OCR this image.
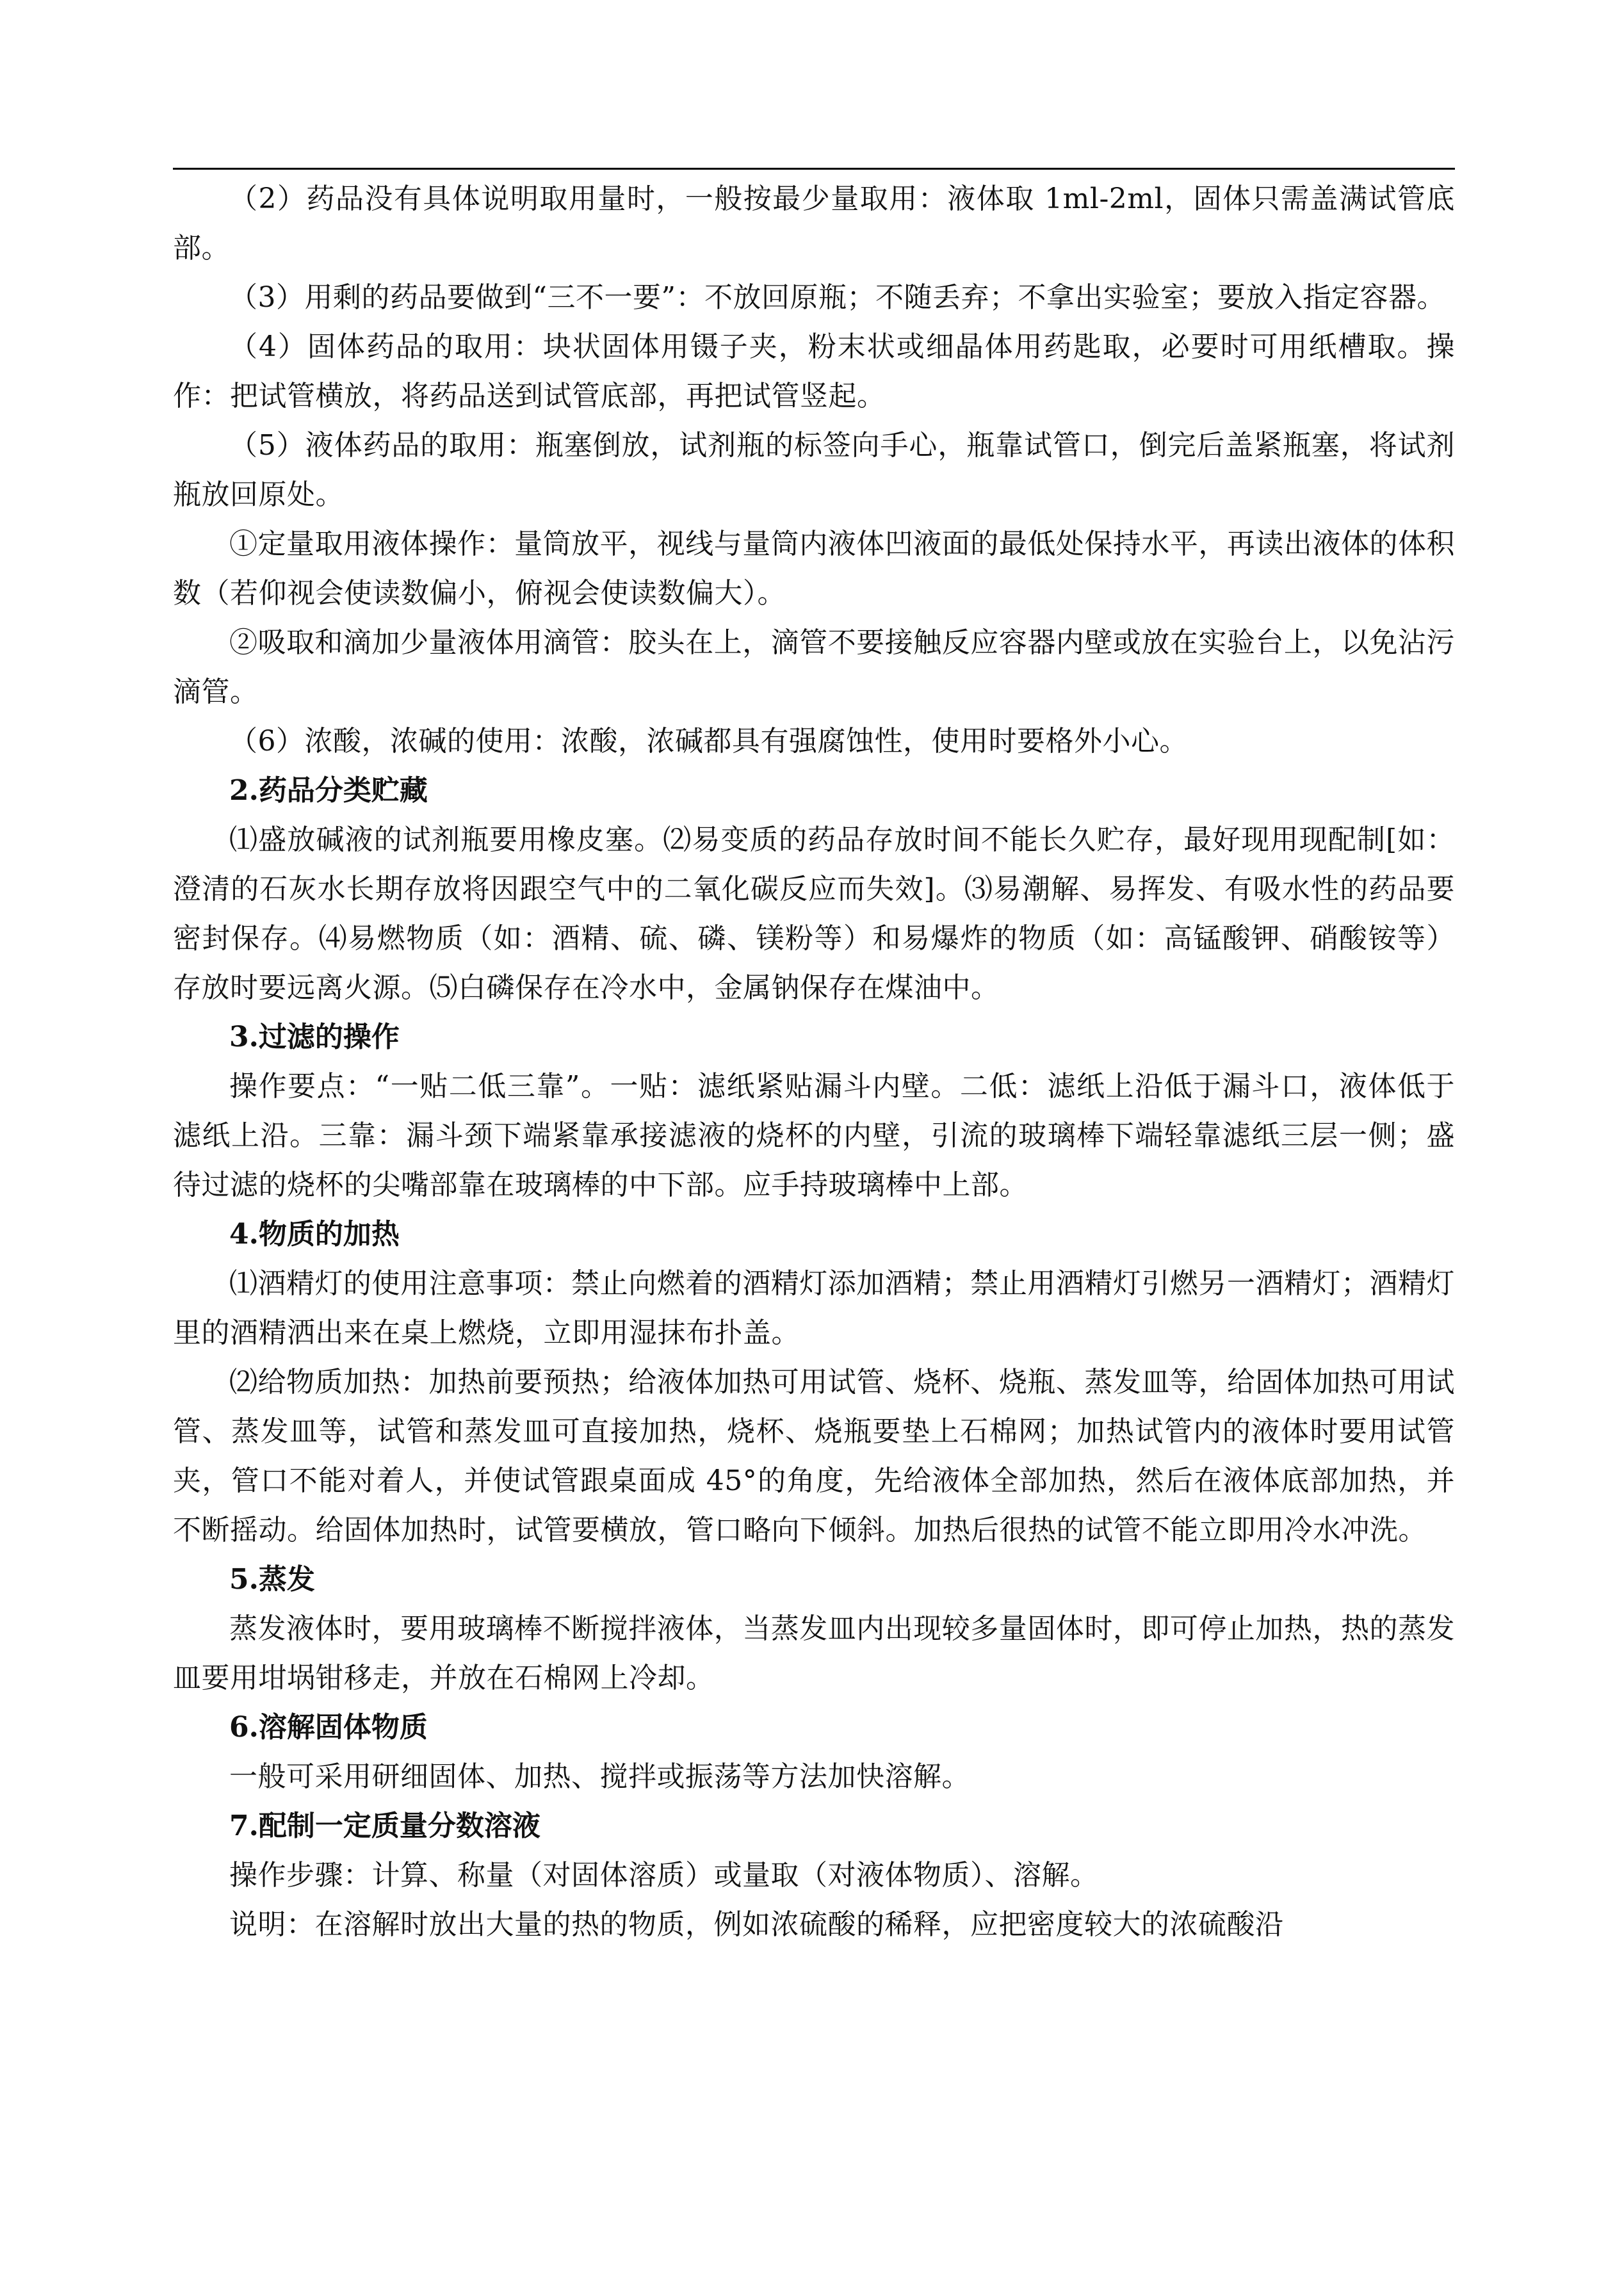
（2）药品没有具体说明取用量时，一般按最少量取用：液体取 1ml-2ml，固体只需盖满试管底部。

（3）用剩的药品要做到“三不一要”：不放回原瓶；不随丢弃；不拿出实验室；要放入指定容器。

（4）固体药品的取用：块状固体用镊子夹，粉末状或细晶体用药匙取，必要时可用纸槽取。操作：把试管横放，将药品送到试管底部，再把试管竖起。

（5）液体药品的取用：瓶塞倒放，试剂瓶的标签向手心，瓶靠试管口，倒完后盖紧瓶塞，将试剂瓶放回原处。

①定量取用液体操作：量筒放平，视线与量筒内液体凹液面的最低处保持水平，再读出液体的体积数（若仰视会使读数偏小，俯视会使读数偏大）。

②吸取和滴加少量液体用滴管：胶头在上，滴管不要接触反应容器内壁或放在实验台上，以免沾污滴管。

（6）浓酸，浓碱的使用：浓酸，浓碱都具有强腐蚀性，使用时要格外小心。

2.药品分类贮藏

⑴盛放碱液的试剂瓶要用橡皮塞。⑵易变质的药品存放时间不能长久贮存，最好现用现配制[如：澄清的石灰水长期存放将因跟空气中的二氧化碳反应而失效]。⑶易潮解、易挥发、有吸水性的药品要密封保存。⑷易燃物质（如：酒精、硫、磷、镁粉等）和易爆炸的物质（如：高锰酸钾、硝酸铵等）存放时要远离火源。⑸白磷保存在冷水中，金属钠保存在煤油中。

3.过滤的操作

操作要点：“一贴二低三靠”。一贴：滤纸紧贴漏斗内壁。二低：滤纸上沿低于漏斗口，液体低于滤纸上沿。三靠：漏斗颈下端紧靠承接滤液的烧杯的内壁，引流的玻璃棒下端轻靠滤纸三层一侧；盛待过滤的烧杯的尖嘴部靠在玻璃棒的中下部。应手持玻璃棒中上部。

4.物质的加热

⑴酒精灯的使用注意事项：禁止向燃着的酒精灯添加酒精；禁止用酒精灯引燃另一酒精灯；酒精灯里的酒精洒出来在桌上燃烧，立即用湿抹布扑盖。

⑵给物质加热：加热前要预热；给液体加热可用试管、烧杯、烧瓶、蒸发皿等，给固体加热可用试管、蒸发皿等，试管和蒸发皿可直接加热，烧杯、烧瓶要垫上石棉网；加热试管内的液体时要用试管夹，管口不能对着人，并使试管跟桌面成 45°的角度，先给液体全部加热，然后在液体底部加热，并不断摇动。给固体加热时，试管要横放，管口略向下倾斜。加热后很热的试管不能立即用冷水冲洗。

5.蒸发

蒸发液体时，要用玻璃棒不断搅拌液体，当蒸发皿内出现较多量固体时，即可停止加热，热的蒸发皿要用坩埚钳移走，并放在石棉网上冷却。

6.溶解固体物质

一般可采用研细固体、加热、搅拌或振荡等方法加快溶解。

7.配制一定质量分数溶液

操作步骤：计算、称量（对固体溶质）或量取（对液体物质）、溶解。

说明：在溶解时放出大量的热的物质，例如浓硫酸的稀释，应把密度较大的浓硫酸沿
